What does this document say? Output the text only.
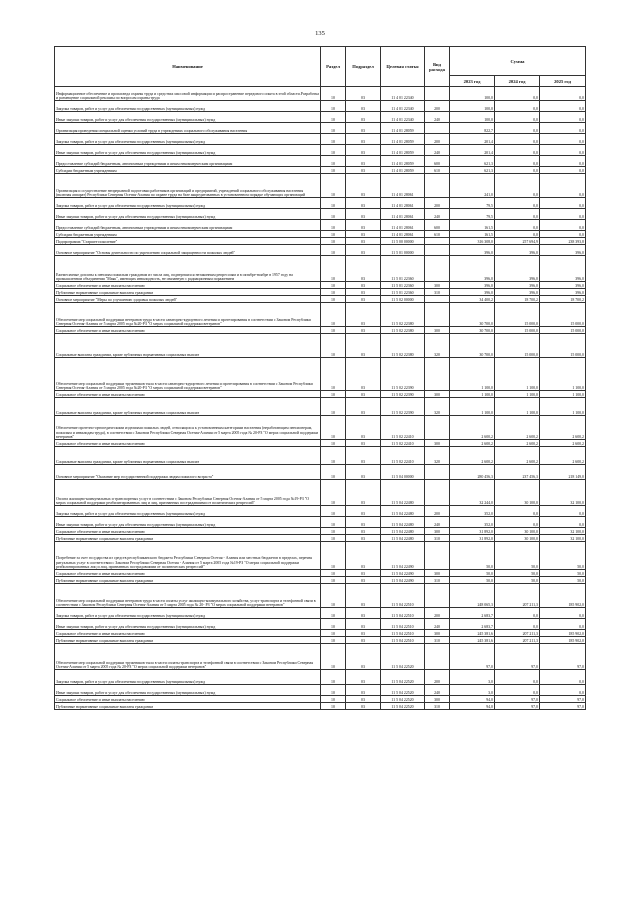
135
Наименование	Раздел	Подраздел	Целевая статья	Вид расхода	Сумма		
					2023 год	2024 год	2025 год
Информационное обеспечение и пропаганда охраны труда и средствах массовой информации и распространение передового опыта в этой области.Разработка и размещение социальной рекламы по вопросам охраны труда	10	03	11 4 01 22340		100,0	0,0	0,0
Закупка товаров, работ и услуг для обеспечения государственных (муниципальных) нужд	10	03	11 4 01 22340	200	100,0	0,0	0,0
Иные закупки товаров, работ и услуг для обеспечения государственных (муниципальных) нужд	10	03	11 4 01 22340	240	100,0	0,0	0,0
Организация проведения специальной оценки условий труда в учреждениях социального обслуживания населения	10	03	11 4 01 28059		822,7	0,0	0,0
Закупка товаров, работ и услуг для обеспечения государственных (муниципальных) нужд	10	03	11 4 01 28059	200	201,4	0,0	0,0
Иные закупки товаров, работ и услуг для обеспечения государственных (муниципальных) нужд	10	03	11 4 01 28059	240	201,4	0,0	0,0
Предоставление субсидий бюджетным, автономным учреждениям и иным некоммерческим организациям	10	03	11 4 01 28059	600	621,3	0,0	0,0
Субсидии бюджетным учреждениям	10	03	11 4 01 28059	610	621,3	0,0	0,0
Организация и осуществление непрерывной подготовки работников организаций и предприятий, учреждений социального обслуживания населения (включая аппарат) Республики Северная Осетия-Алания по охране труда на базе аккредитованных в установленном порядке обучающих организаций	10	03	11 4 01 28061		241,0	0,0	0,0
Закупка товаров, работ и услуг для обеспечения государственных (муниципальных) нужд	10	03	11 4 01 28061	200	79,5	0,0	0,0
Иные закупки товаров, работ и услуг для обеспечения государственных (муниципальных) нужд	10	03	11 4 01 28061	240	79,5	0,0	0,0
Предоставление субсидий бюджетным, автономным учреждениям и иным некоммерческим организациям	10	03	11 4 01 28061	600	161,5	0,0	0,0
Субсидии бюджетным учреждениям	10	03	11 4 01 28061	610	161,5	0,0	0,0
Подпрограмма "Старшее поколение"	10	03	11 5 00 00000		316 308,0	257 694,9	238 393,8
Основное мероприятие "Основы деятельности по укреплению социальной защищенности пожилых людей"	10	03	11 5 01 00000		396,0	396,0	396,0
Ежемесячные доплаты к пенсиям пожилым гражданам из числа лиц, подвергшихся незаконным репрессиям и в октябре-ноябре в 1957 году на промышленном объединении "Маяк", имеющих инвалидность, не связанную с радиационным поражением	10	03	11 5 01 22360		396,0	396,0	396,0
Социальное обеспечение и иные выплаты населению	10	03	11 5 01 22360	300	396,0	396,0	396,0
Публичные нормативные социальные выплаты гражданам	10	03	11 5 01 22360	310	396,0	396,0	396,0
Основное мероприятие "Меры по улучшению здоровья пожилых людей"	10	03	11 5 02 00000		34 400,2	18 700,2	18 700,2
Обеспечение мер социальной поддержки ветеранов труда в части санаторно-курортного лечения и протезирования в соответствии с Законом Республики Северная Осетия-Алания от 5 марта 2005 года №20-РЗ "О мерах социальной поддержки ветеранов"	10	03	11 5 02 22380		30 700,0	15 000,0	15 000,0
Социальное обеспечение и иные выплаты населению	10	03	11 5 02 22380	300	30 700,0	15 000,0	15 000,0
Социальные выплаты гражданам, кроме публичных нормативных социальных выплат	10	03	11 5 02 22380	320	30 700,0	15 000,0	15 000,0
Обеспечение мер социальной поддержки тружеников тыла в части санаторно-курортного лечения и протезирования в соответствии с Законом Республики Северная Осетия-Алания от 5 марта 2005 года №20-РЗ "О мерах социальной поддержки ветеранов"	10	03	11 5 02 22390		1 100,0	1 100,0	1 100,0
Социальное обеспечение и иные выплаты населению	10	03	11 5 02 22390	300	1 100,0	1 100,0	1 100,0
Социальные выплаты гражданам, кроме публичных нормативных социальных выплат	10	03	11 5 02 22390	320	1 100,0	1 100,0	1 100,0
Обеспечение протезно-ортопедическими изделиями пожилых людей, относящихся к установленным категориям населения (неработающим пенсионерам, пожилым и инвалидам труда), в соответствии с Законом Республики Северная Осетия-Алания от 5 марта 2005 года № 20-РЗ "О мерах социальной поддержки ветеранов"	10	03	11 5 02 22410		2 600,2	2 600,2	2 600,2
Социальное обеспечение и иные выплаты населению	10	03	11 5 02 22410	300	2 600,2	2 600,2	2 600,2
Социальные выплаты гражданам, кроме публичных нормативных социальных выплат	10	03	11 5 02 22410	320	2 600,2	2 600,2	2 600,2
Основное мероприятие "Оказание мер государственной поддержки людям пожилого возраста"	10	03	11 5 04 00000		280 456,3	237 456,3	218 149,0
Оплата жилищно-коммунальных и транспортных услуг в соответствии с Законом Республики Северная Осетия-Алания от 5 марта 2005 года №19-РЗ "О мерах социальной поддержки реабилитированных лиц и лиц, признанных пострадавшими от политических репрессий"	10	03	11 5 04 22480		32 244,0	30 100,0	32 100,0
Закупка товаров, работ и услуг для обеспечения государственных (муниципальных) нужд	10	03	11 5 04 22480	200	352,0	0,0	0,0
Иные закупки товаров, работ и услуг для обеспечения государственных (муниципальных) нужд	10	03	11 5 04 22480	240	352,0	0,0	0,0
Социальное обеспечение и иные выплаты населению	10	03	11 5 04 22480	300	31 892,0	30 100,0	32 100,0
Публичные нормативные социальные выплаты гражданам	10	03	11 5 04 22480	310	31 892,0	30 100,0	32 100,0
Погребение за счет государства из средств республиканского бюджета Республики Северная Осетия - Алания или местных бюджетов в пределах, перечня ритуальных услуг в соответствии с Законом Республики Северная Осетия - Алания от 5 марта 2005 года №19-РЗ "О мерах социальной поддержки реабилитированных лиц и лиц, признанных пострадавшими от политических репрессий"	10	03	11 5 04 22490		50,0	50,0	50,0
Социальное обеспечение и иные выплаты населению	10	03	11 5 04 22490	300	50,0	50,0	50,0
Публичные нормативные социальные выплаты гражданам	10	03	11 5 04 22490	310	50,0	50,0	50,0
Обеспечение мер социальной поддержки ветеранов труда в части оплаты услуг жилищно-коммунального хозяйства, услуг транспорта и телефонной связи в соответствии с Законом Республики Северная Осетия-Алания от 5 марта 2005 года № 20- РЗ "О мерах социальной поддержки ветеранов"	10	03	11 5 04 22510		248 065,3	207 211,3	185 902,0
Закупка товаров, работ и услуг для обеспечения государственных (муниципальных) нужд	10	03	11 5 04 22510	200	2 683,7	0,0	0,0
Иные закупки товаров, работ и услуг для обеспечения государственных (муниципальных) нужд	10	03	11 5 04 22510	240	2 683,7	0,0	0,0
Социальное обеспечение и иные выплаты населению	10	03	11 5 04 22510	300	245 381,6	207 211,3	185 902,0
Публичные нормативные социальные выплаты гражданам	10	03	11 5 04 22510	310	245 381,6	207 211,3	185 902,0
Обеспечение мер социальной поддержки тружеников тыла в части оплаты транспорта и телефонной связи в соответствии с Законом Республики Северная Осетия-Алания от 5 марта 2005 года № 20-РЗ "О мерах социальной поддержки ветеранов"	10	03	11 5 04 22520		97,0	97,0	97,0
Закупка товаров, работ и услуг для обеспечения государственных (муниципальных) нужд	10	03	11 5 04 22520	200	3,0	0,0	0,0
Иные закупки товаров, работ и услуг для обеспечения государственных (муниципальных) нужд	10	03	11 5 04 22520	240	3,0	0,0	0,0
Социальное обеспечение и иные выплаты населению	10	03	11 5 04 22520	300	94,0	97,0	97,0
Публичные нормативные социальные выплаты гражданам	10	03	11 5 04 22520	310	94,0	97,0	97,0
